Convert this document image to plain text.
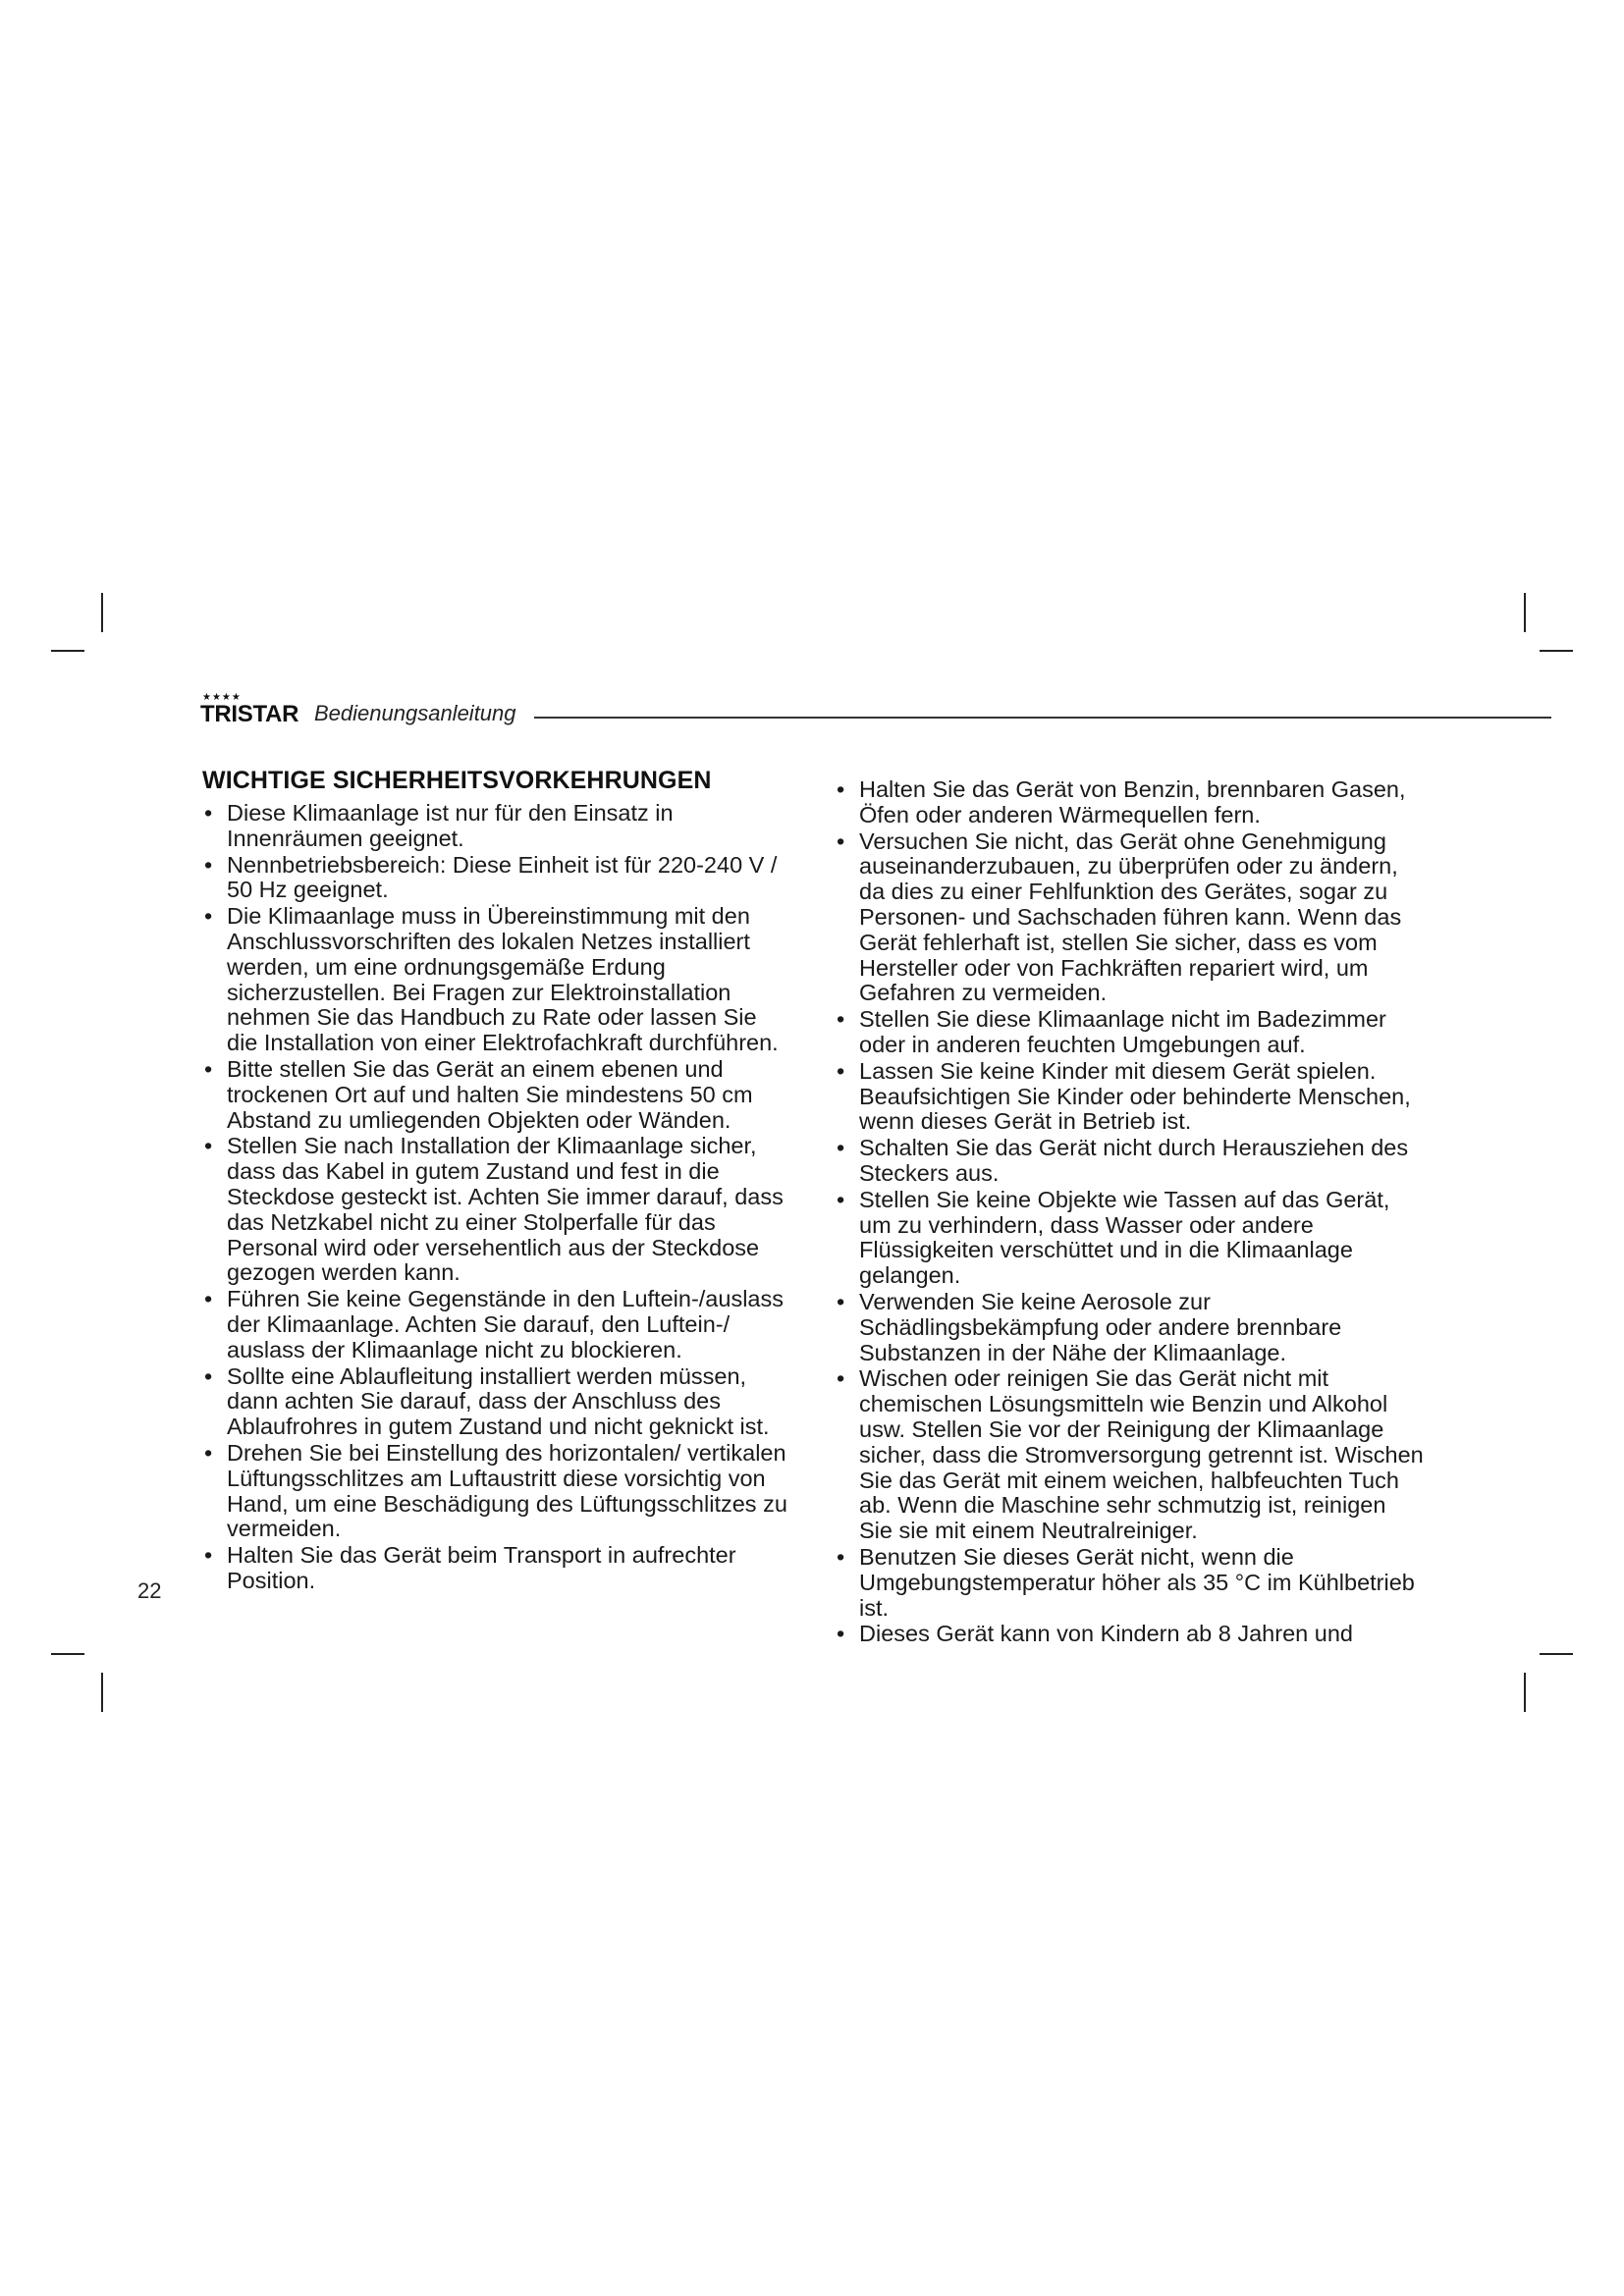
★★★★
TRISTAR Bedienungsanleitung
WICHTIGE SICHERHEITSVORKEHRUNGEN
• Diese Klimaanlage ist nur für den Einsatz in Innenräumen geeignet.
• Nennbetriebsbereich: Diese Einheit ist für 220-240 V / 50 Hz geeignet.
• Die Klimaanlage muss in Übereinstimmung mit den Anschlussvorschriften des lokalen Netzes installiert werden, um eine ordnungsgemäße Erdung sicherzustellen. Bei Fragen zur Elektroinstallation nehmen Sie das Handbuch zu Rate oder lassen Sie die Installation von einer Elektrofachkraft durchführen.
• Bitte stellen Sie das Gerät an einem ebenen und trockenen Ort auf und halten Sie mindestens 50 cm Abstand zu umliegenden Objekten oder Wänden.
• Stellen Sie nach Installation der Klimaanlage sicher, dass das Kabel in gutem Zustand und fest in die Steckdose gesteckt ist. Achten Sie immer darauf, dass das Netzkabel nicht zu einer Stolperfalle für das Personal wird oder versehentlich aus der Steckdose gezogen werden kann.
• Führen Sie keine Gegenstände in den Luftein-/auslass der Klimaanlage. Achten Sie darauf, den Luftein-/ auslass der Klimaanlage nicht zu blockieren.
• Sollte eine Ablaufleitung installiert werden müssen, dann achten Sie darauf, dass der Anschluss des Ablaufrohres in gutem Zustand und nicht geknickt ist.
• Drehen Sie bei Einstellung des horizontalen/ vertikalen Lüftungsschlitzes am Luftaustritt diese vorsichtig von Hand, um eine Beschädigung des Lüftungsschlitzes zu vermeiden.
• Halten Sie das Gerät beim Transport in aufrechter Position.
• Halten Sie das Gerät von Benzin, brennbaren Gasen, Öfen oder anderen Wärmequellen fern.
• Versuchen Sie nicht, das Gerät ohne Genehmigung auseinanderzubauen, zu überprüfen oder zu ändern, da dies zu einer Fehlfunktion des Gerätes, sogar zu Personen- und Sachschaden führen kann. Wenn das Gerät fehlerhaft ist, stellen Sie sicher, dass es vom Hersteller oder von Fachkräften repariert wird, um Gefahren zu vermeiden.
• Stellen Sie diese Klimaanlage nicht im Badezimmer oder in anderen feuchten Umgebungen auf.
• Lassen Sie keine Kinder mit diesem Gerät spielen. Beaufsichtigen Sie Kinder oder behinderte Menschen, wenn dieses Gerät in Betrieb ist.
• Schalten Sie das Gerät nicht durch Herausziehen des Steckers aus.
• Stellen Sie keine Objekte wie Tassen auf das Gerät, um zu verhindern, dass Wasser oder andere Flüssigkeiten verschüttet und in die Klimaanlage gelangen.
• Verwenden Sie keine Aerosole zur Schädlingsbekämpfung oder andere brennbare Substanzen in der Nähe der Klimaanlage.
• Wischen oder reinigen Sie das Gerät nicht mit chemischen Lösungsmitteln wie Benzin und Alkohol usw. Stellen Sie vor der Reinigung der Klimaanlage sicher, dass die Stromversorgung getrennt ist. Wischen Sie das Gerät mit einem weichen, halbfeuchten Tuch ab. Wenn die Maschine sehr schmutzig ist, reinigen Sie sie mit einem Neutralreiniger.
• Benutzen Sie dieses Gerät nicht, wenn die Umgebungstemperatur höher als 35 °C im Kühlbetrieb ist.
• Dieses Gerät kann von Kindern ab 8 Jahren und
22
